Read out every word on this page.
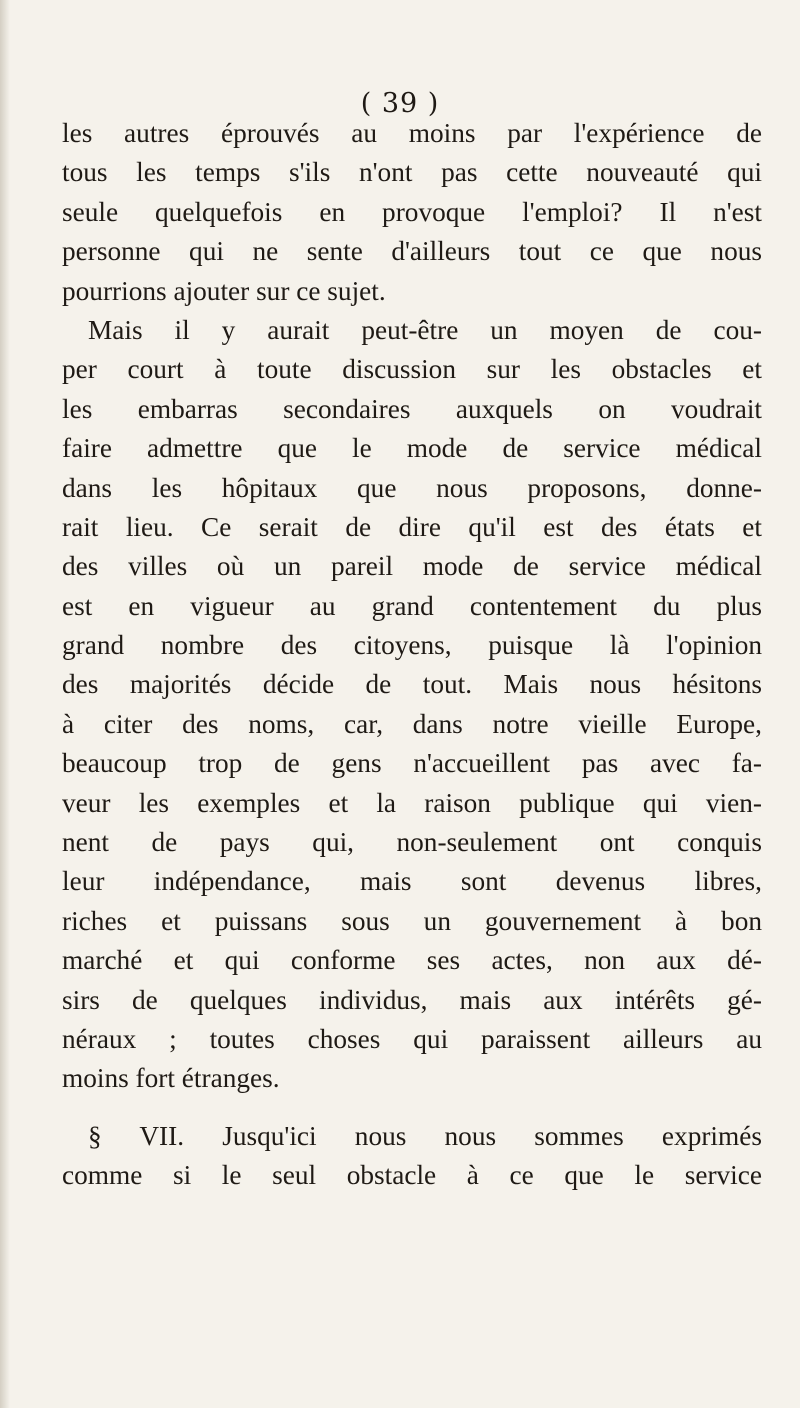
( 39 )
les autres éprouvés au moins par l'expérience de
tous les temps s'ils n'ont pas cette nouveauté qui
seule quelquefois en provoque l'emploi? Il n'est
personne qui ne sente d'ailleurs tout ce que nous
pourrions ajouter sur ce sujet.
Mais il y aurait peut-être un moyen de cou-
per court à toute discussion sur les obstacles et
les embarras secondaires auxquels on voudrait
faire admettre que le mode de service médical
dans les hôpitaux que nous proposons, donne-
rait lieu. Ce serait de dire qu'il est des états et
des villes où un pareil mode de service médical
est en vigueur au grand contentement du plus
grand nombre des citoyens, puisque là l'opinion
des majorités décide de tout. Mais nous hésitons
à citer des noms, car, dans notre vieille Europe,
beaucoup trop de gens n'accueillent pas avec fa-
veur les exemples et la raison publique qui vien-
nent de pays qui, non-seulement ont conquis
leur indépendance, mais sont devenus libres,
riches et puissans sous un gouvernement à bon
marché et qui conforme ses actes, non aux dé-
sirs de quelques individus, mais aux intérêts gé-
néraux ; toutes choses qui paraissent ailleurs au
moins fort étranges.
§ VII. Jusqu'ici nous nous sommes exprimés
comme si le seul obstacle à ce que le service
